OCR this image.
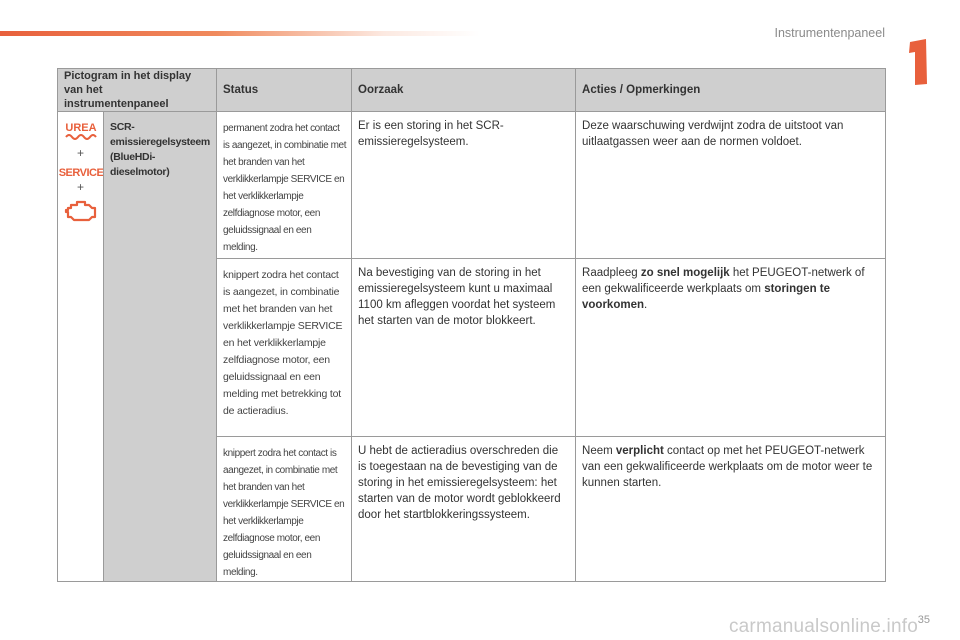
Instrumentenpaneel
Pictogram in het display van het instrumentenpaneel		Status	Oorzaak	Acties / Opmerkingen

UREA
+
SERVICE
+	SCR-emissieregelsysteem (BlueHDi-dieselmotor)	permanent zodra het contact is aangezet, in combinatie met het branden van het verklikkerlampje SERVICE en het verklikkerlampje zelfdiagnose motor, een geluidssignaal en een melding.	Er is een storing in het SCR-emissieregelsysteem.	Deze waarschuwing verdwijnt zodra de uitstoot van uitlaatgassen weer aan de normen voldoet.
		knippert zodra het contact is aangezet, in combinatie met het branden van het verklikkerlampje SERVICE en het verklikkerlampje zelfdiagnose motor, een geluidssignaal en een melding met betrekking tot de actieradius.	Na bevestiging van de storing in het emissieregelsysteem kunt u maximaal 1100 km afleggen voordat het systeem het starten van de motor blokkeert.	Raadpleeg zo snel mogelijk het PEUGEOT-netwerk of een gekwalificeerde werkplaats om storingen te voorkomen.
		knippert zodra het contact is aangezet, in combinatie met het branden van het verklikkerlampje SERVICE en het verklikkerlampje zelfdiagnose motor, een geluidssignaal en een melding.	U hebt de actieradius overschreden die is toegestaan na de bevestiging van de storing in het emissieregelsysteem: het starten van de motor wordt geblokkeerd door het startblokkeringssysteem.	Neem verplicht contact op met het PEUGEOT-netwerk van een gekwalificeerde werkplaats om de motor weer te kunnen starten.
35
carmanualsonline.info
